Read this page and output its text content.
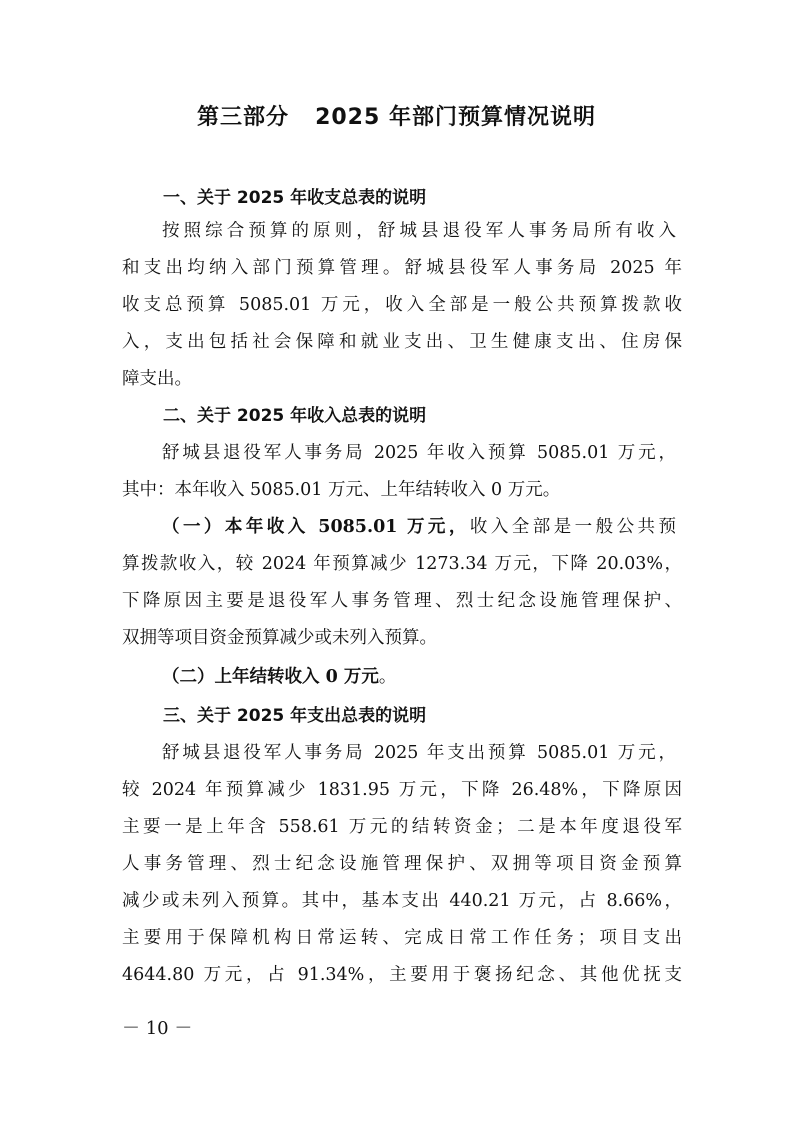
第三部分 2025 年部门预算情况说明
一、关于 2025 年收支总表的说明
按照综合预算的原则，舒城县退役军人事务局所有收入
和支出均纳入部门预算管理。舒城县役军人事务局 2025 年
收支总预算 5085.01 万元，收入全部是一般公共预算拨款收
入，支出包括社会保障和就业支出、卫生健康支出、住房保
障支出。
二、关于 2025 年收入总表的说明
舒城县退役军人事务局 2025 年收入预算 5085.01 万元，
其中：本年收入 5085.01 万元、上年结转收入 0 万元。
（一）本年收入 5085.01 万元，收入全部是一般公共预
算拨款收入，较 2024 年预算减少 1273.34 万元，下降 20.03%，
下降原因主要是退役军人事务管理、烈士纪念设施管理保护、
双拥等项目资金预算减少或未列入预算。
（二）上年结转收入 0 万元。
三、关于 2025 年支出总表的说明
舒城县退役军人事务局 2025 年支出预算 5085.01 万元，
较 2024 年预算减少 1831.95 万元，下降 26.48%，下降原因
主要一是上年含 558.61 万元的结转资金；二是本年度退役军
人事务管理、烈士纪念设施管理保护、双拥等项目资金预算
减少或未列入预算。其中，基本支出 440.21 万元，占 8.66%，
主要用于保障机构日常运转、完成日常工作任务；项目支出
4644.80 万元，占 91.34%，主要用于褒扬纪念、其他优抚支
－ 10 －
